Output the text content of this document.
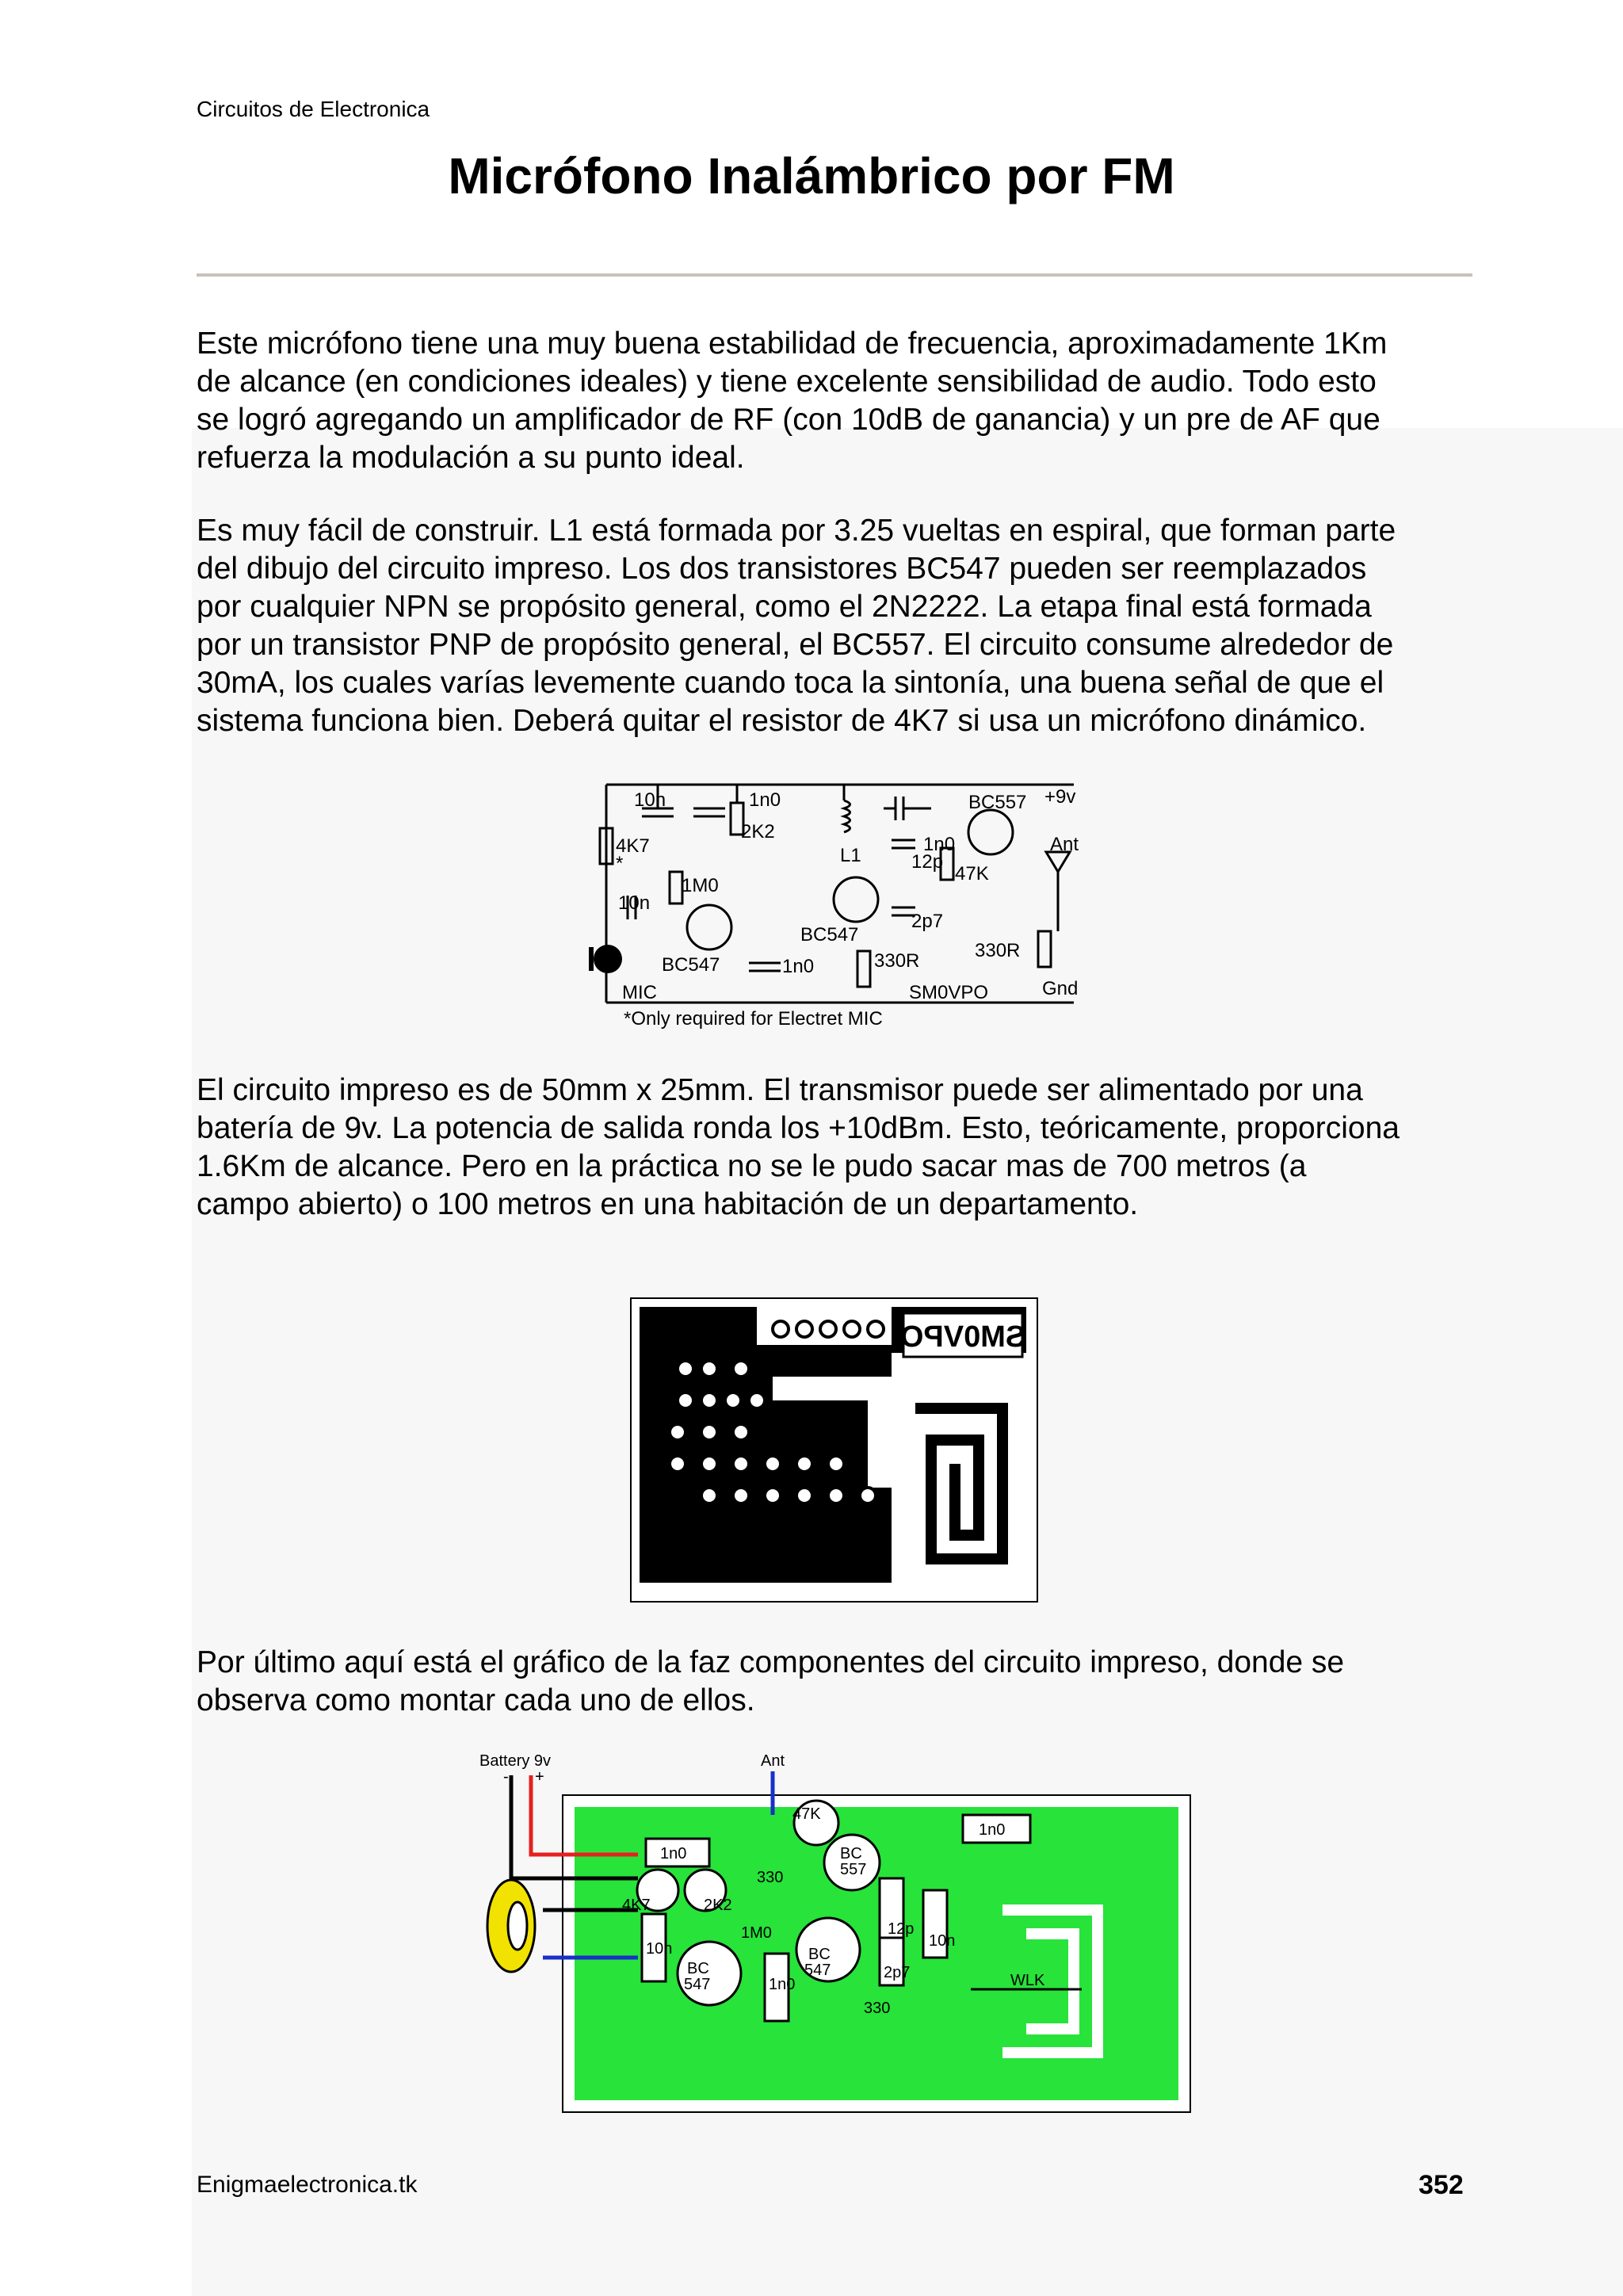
Circuitos de Electronica
Micrófono Inalámbrico por FM
Este micrófono tiene una muy buena estabilidad de frecuencia, aproximadamente 1Km
de alcance (en condiciones ideales) y tiene excelente sensibilidad de audio. Todo esto
se logró agregando un amplificador de RF (con 10dB de ganancia) y un pre de AF que
refuerza la modulación a su punto ideal.
Es muy fácil de construir. L1 está formada por 3.25 vueltas en espiral, que forman parte
del dibujo del circuito impreso. Los dos transistores BC547 pueden ser reemplazados
por cualquier NPN se propósito general, como el 2N2222. La etapa final está formada
por un transistor PNP de propósito general, el BC557. El circuito consume alrededor de
30mA, los cuales varías levemente cuando toca la sintonía, una buena señal de que el
sistema funciona bien. Deberá quitar el resistor de 4K7 si usa un micrófono dinámico.
10n	1n0	BC557 +9v
4K7
*
2K2
1n0	Ant
L1	12p
1M0
47K
10n
BC547
2p7
330R
BC547	1n0
330R
MIC	SM0VPO	Gnd
*Only required for Electret MIC
El circuito impreso es de 50mm x 25mm. El transmisor puede ser alimentado por una
batería de 9v. La potencia de salida ronda los +10dBm. Esto, teóricamente, proporciona
1.6Km de alcance. Pero en la práctica no se le pudo sacar mas de 700 metros (a
campo abierto) o 100 metros en una habitación de un departamento.
SM0VPO
Por último aquí está el gráfico de la faz componentes del circuito impreso, donde se
observa como montar cada uno de ellos.
Battery 9v
- +
Ant
47K
1n0
1n0
330
BC
557
4K7	2K2
12p
10n
1M0
BC
547
10n
BC
547	1n0
2p7
330
WLK
Enigmaelectronica.tk	352
